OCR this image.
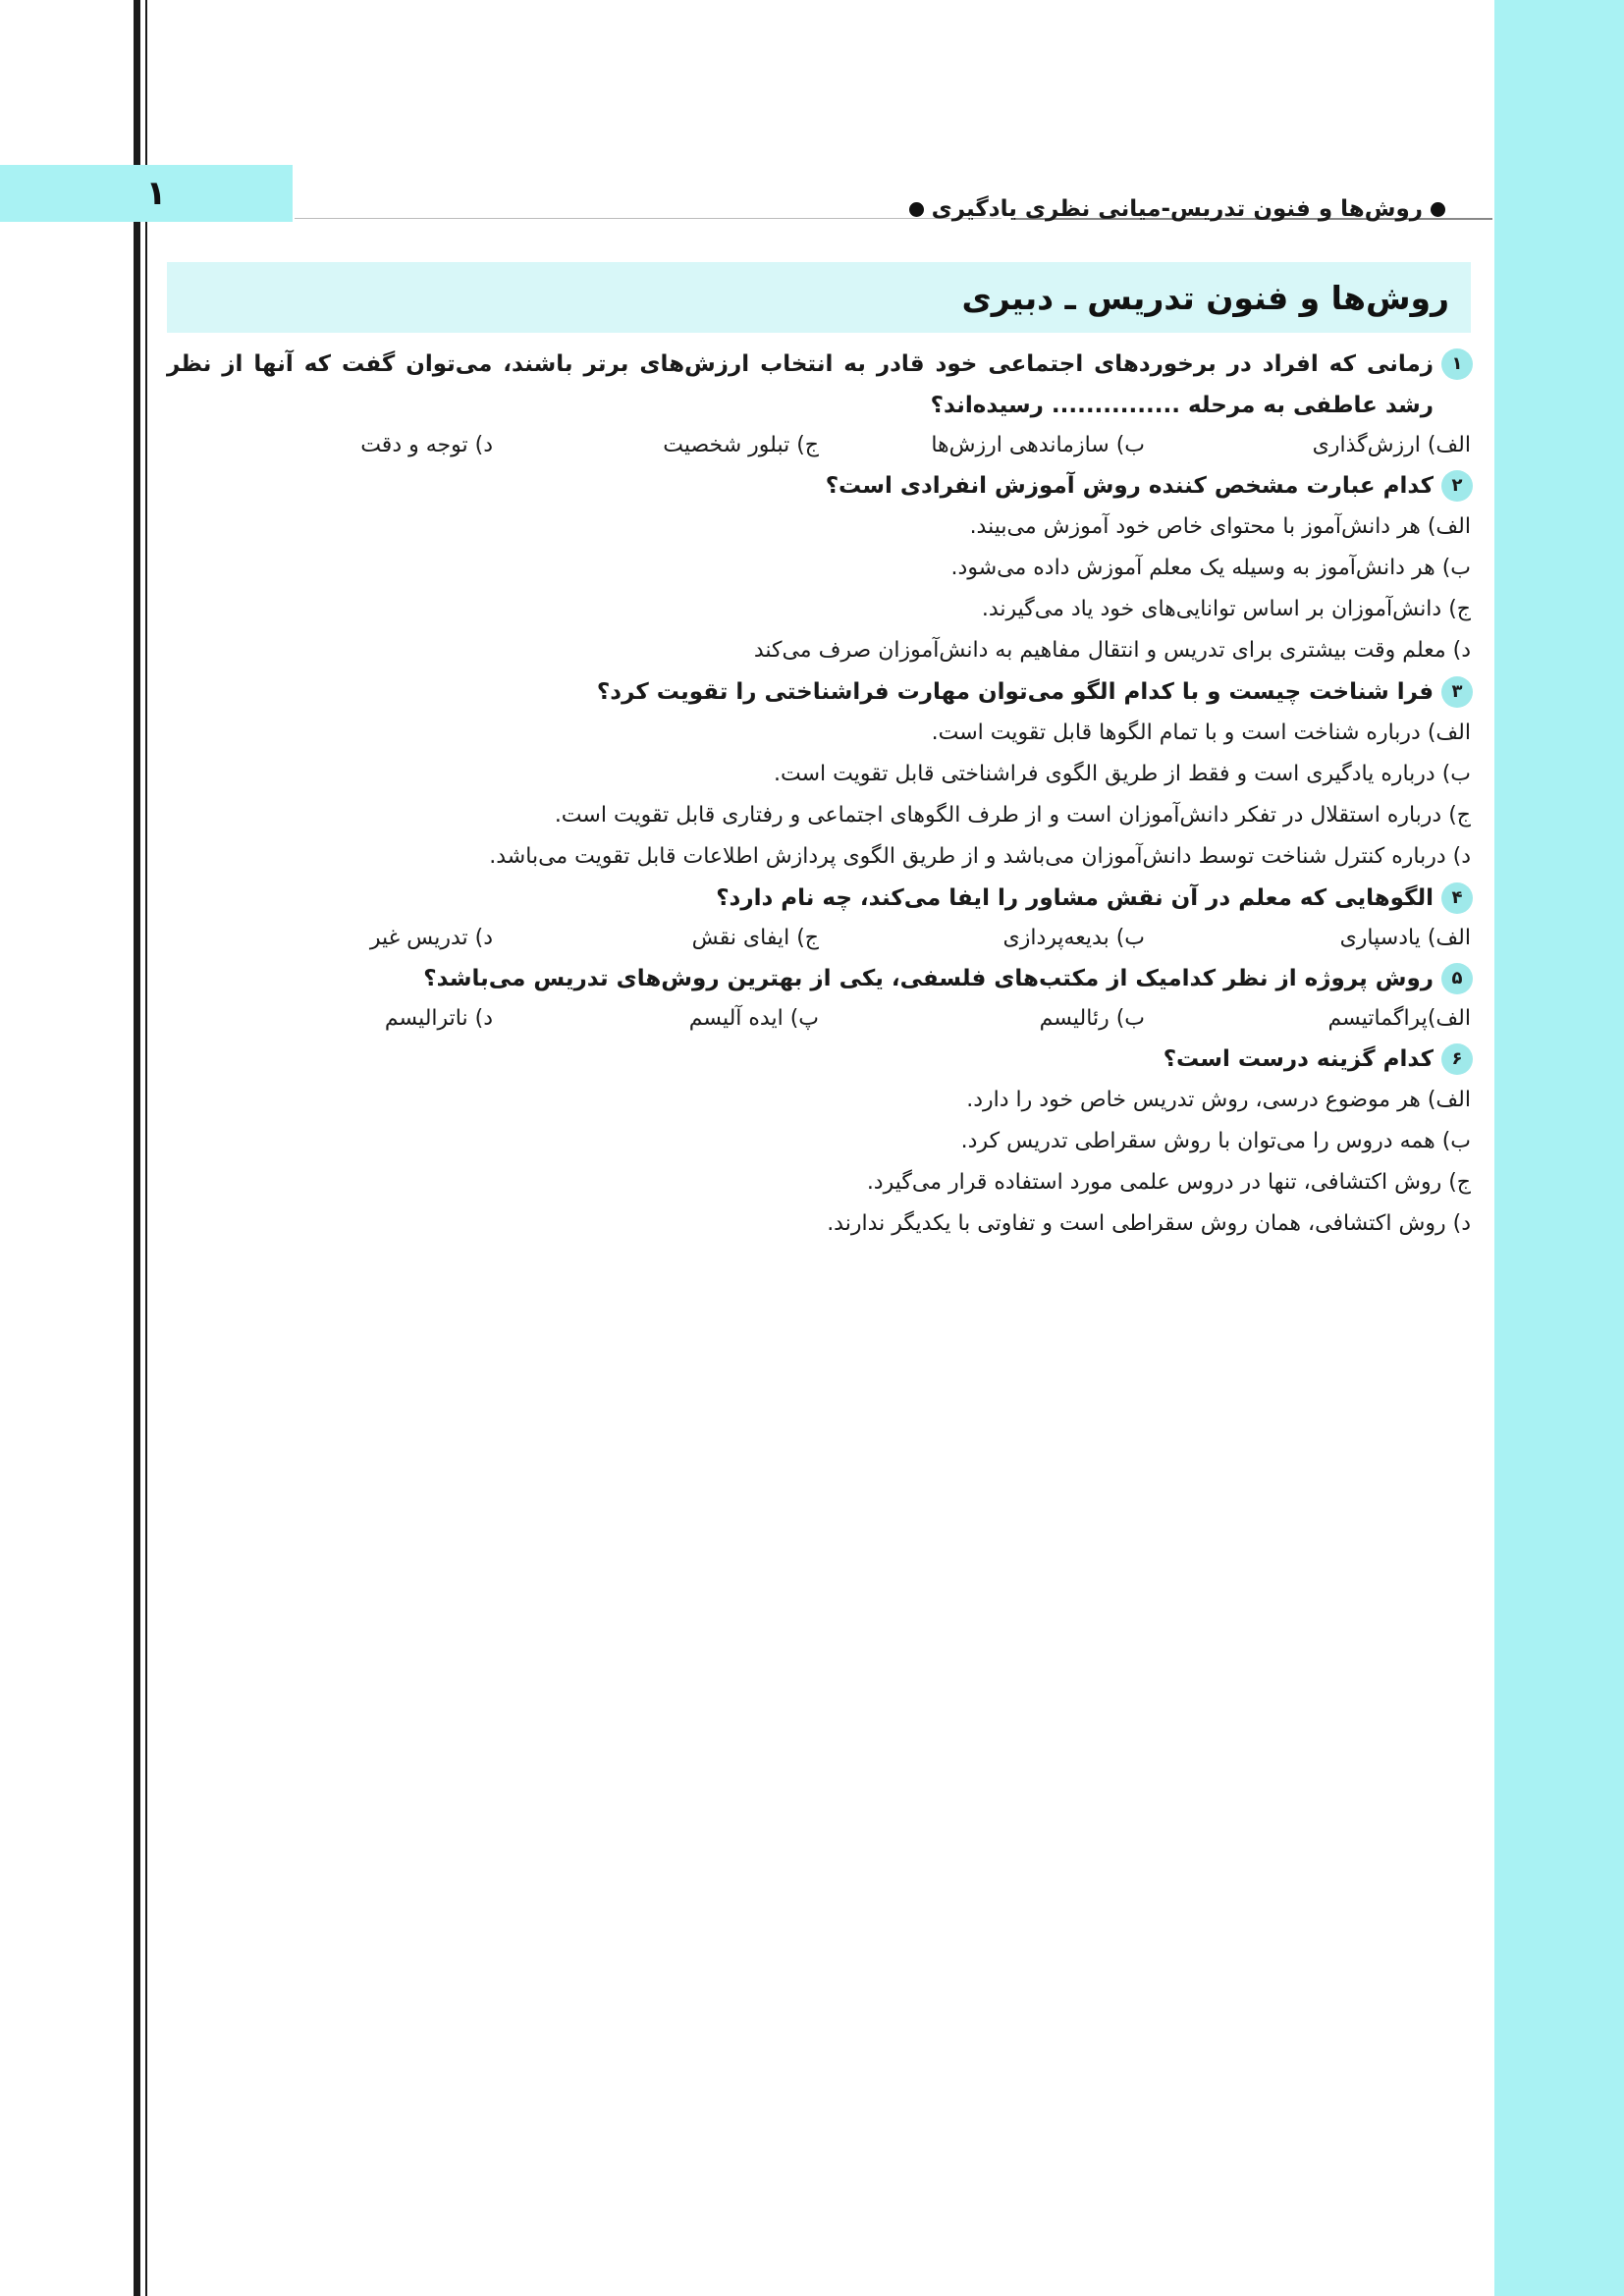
۱	روش‌ها و فنون تدریس-میانی نظری یادگیری
روش‌ها و فنون تدریس ـ دبیری
۱
زمانی که افراد در برخوردهای اجتماعی خود قادر به انتخاب ارزش‌های برتر باشند، می‌توان گفت که آنها از نظر رشد عاطفی به مرحله ............... رسیده‌اند؟
الف) ارزش‌گذاری
ب) سازماندهی ارزش‌ها
ج) تبلور شخصیت
د) توجه و دقت
۲
کدام عبارت مشخص کننده روش آموزش انفرادی است؟
الف) هر دانش‌آموز با محتوای خاص خود آموزش می‌بیند.
ب) هر دانش‌آموز به وسیله یک معلم آموزش داده می‌شود.
ج) دانش‌آموزان بر اساس توانایی‌های خود یاد می‌گیرند.
د) معلم وقت بیشتری برای تدریس و انتقال مفاهیم به دانش‌آموزان صرف می‌کند
۳
فرا شناخت چیست و با کدام الگو می‌توان مهارت فراشناختی را تقویت کرد؟
الف) درباره شناخت است و با تمام الگوها قابل تقویت است.
ب) درباره یادگیری است و فقط از طریق الگوی فراشناختی قابل تقویت است.
ج) درباره استقلال در تفکر دانش‌آموزان است و از طرف الگوهای اجتماعی و رفتاری قابل تقویت است.
د) درباره کنترل شناخت توسط دانش‌آموزان می‌باشد و از طریق الگوی پردازش اطلاعات قابل تقویت می‌باشد.
۴
الگوهایی که معلم در آن نقش مشاور را ایفا می‌کند، چه نام دارد؟
الف) یادسپاری
ب) بدیعه‌پردازی
ج) ایفای نقش
د) تدریس غیر
۵
روش پروژه از نظر کدامیک از مکتب‌های فلسفی، یکی از بهترین روش‌های تدریس می‌باشد؟
الف)پراگماتیسم
ب) رئالیسم
پ) ایده آلیسم
د) ناترالیسم
۶
کدام گزینه درست است؟
الف) هر موضوع درسی، روش تدریس خاص خود را دارد.
ب) همه دروس را می‌توان با روش سقراطی تدریس کرد.
ج) روش اکتشافی، تنها در دروس علمی مورد استفاده قرار می‌گیرد.
د) روش اکتشافی، همان روش سقراطی است و تفاوتی با یکدیگر ندارند.
